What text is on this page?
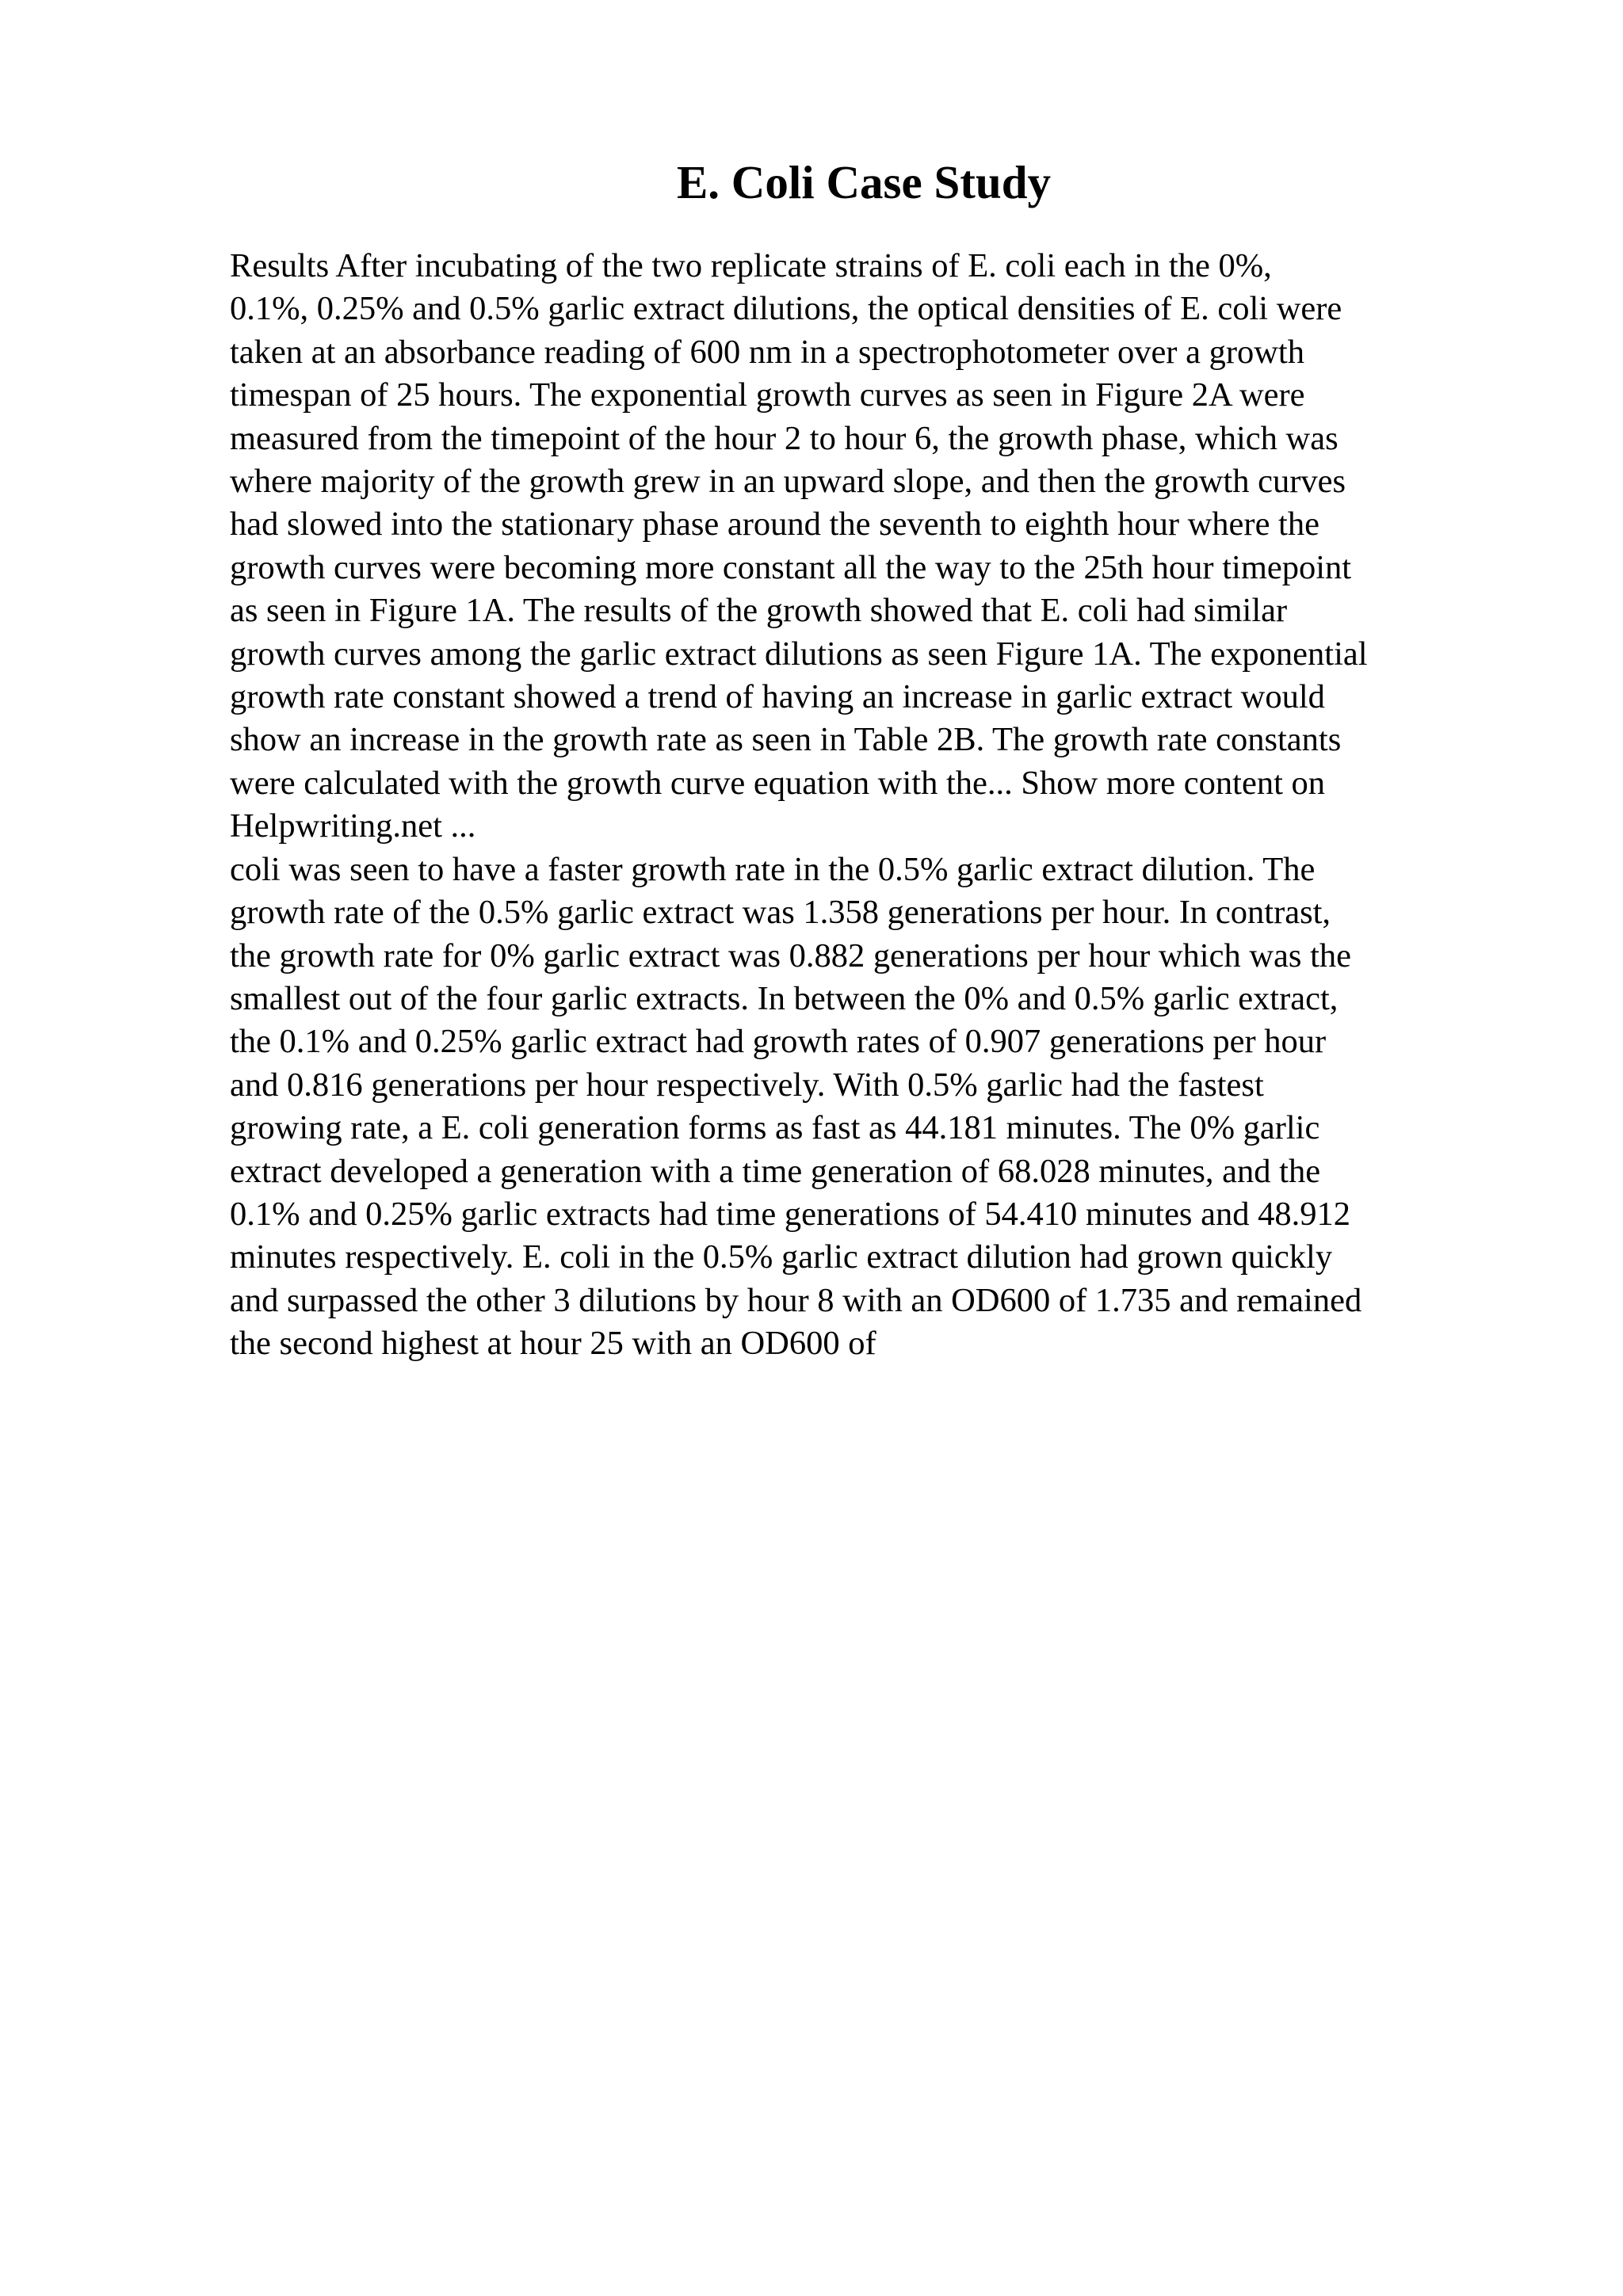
E. Coli Case Study
Results After incubating of the two replicate strains of E. coli each in the 0%,
0.1%, 0.25% and 0.5% garlic extract dilutions, the optical densities of E. coli were
taken at an absorbance reading of 600 nm in a spectrophotometer over a growth
timespan of 25 hours. The exponential growth curves as seen in Figure 2A were
measured from the timepoint of the hour 2 to hour 6, the growth phase, which was
where majority of the growth grew in an upward slope, and then the growth curves
had slowed into the stationary phase around the seventh to eighth hour where the
growth curves were becoming more constant all the way to the 25th hour timepoint
as seen in Figure 1A. The results of the growth showed that E. coli had similar
growth curves among the garlic extract dilutions as seen Figure 1A. The exponential
growth rate constant showed a trend of having an increase in garlic extract would
show an increase in the growth rate as seen in Table 2B. The growth rate constants
were calculated with the growth curve equation with the... Show more content on
Helpwriting.net ...
coli was seen to have a faster growth rate in the 0.5% garlic extract dilution. The
growth rate of the 0.5% garlic extract was 1.358 generations per hour. In contrast,
the growth rate for 0% garlic extract was 0.882 generations per hour which was the
smallest out of the four garlic extracts. In between the 0% and 0.5% garlic extract,
the 0.1% and 0.25% garlic extract had growth rates of 0.907 generations per hour
and 0.816 generations per hour respectively. With 0.5% garlic had the fastest
growing rate, a E. coli generation forms as fast as 44.181 minutes. The 0% garlic
extract developed a generation with a time generation of 68.028 minutes, and the
0.1% and 0.25% garlic extracts had time generations of 54.410 minutes and 48.912
minutes respectively. E. coli in the 0.5% garlic extract dilution had grown quickly
and surpassed the other 3 dilutions by hour 8 with an OD600 of 1.735 and remained
the second highest at hour 25 with an OD600 of
